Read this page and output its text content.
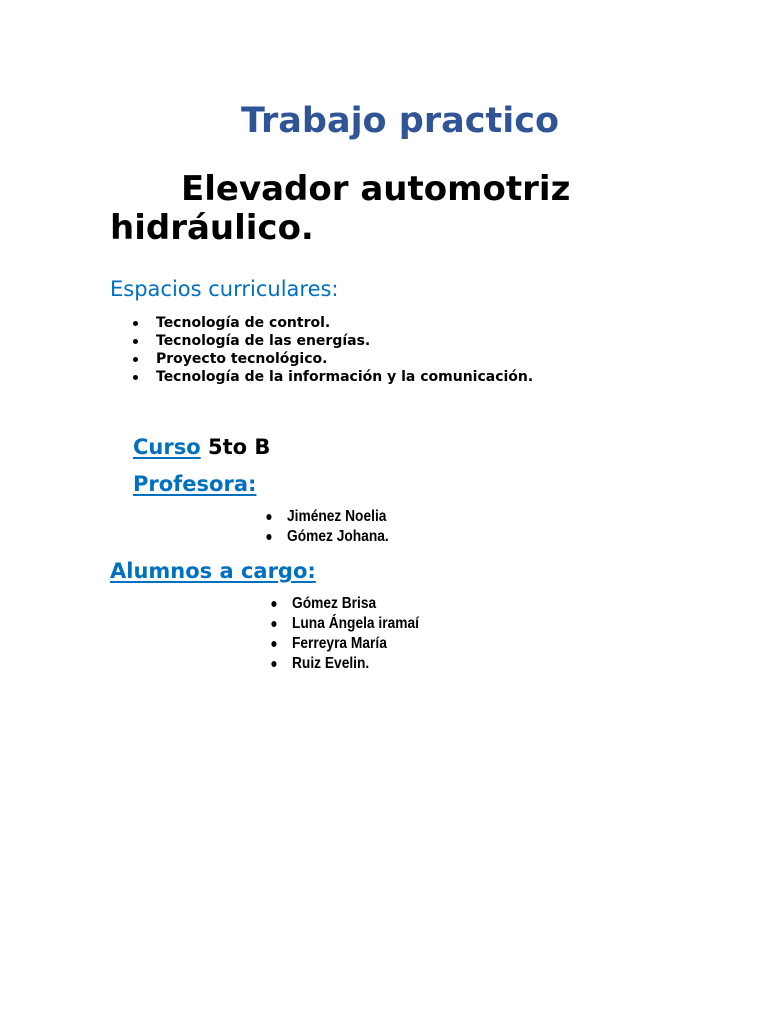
Trabajo practico
Elevador automotriz hidráulico.
Espacios curriculares:
Tecnología de control.
Tecnología de las energías.
Proyecto tecnológico.
Tecnología de la información y la comunicación.

Curso 5to B

Profesora:

Jiménez Noelia
Gómez Johana.

Alumnos a cargo:

Gómez Brisa
Luna Ángela iramaí
Ferreyra María
Ruiz Evelin.
